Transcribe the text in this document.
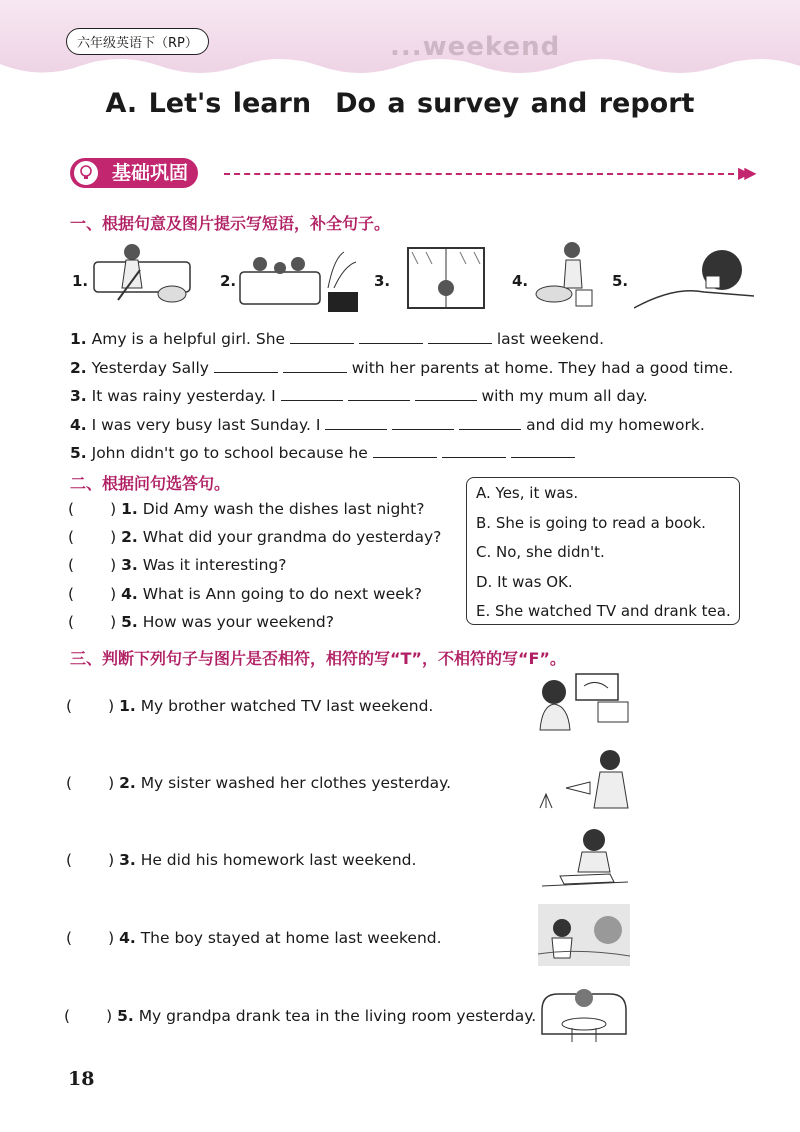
...weekend
六年级英语下（RP）
A. Let's learn Do a survey and report
基础巩固	▶▶
一、根据句意及图片提示写短语，补全句子。
1.	2.	3.	4.	5.
1. Amy is a helpful girl. She	last weekend.
2. Yesterday Sally	with her parents at home. They had a good time.
3. It was rainy yesterday. I	with my mum all day.
4. I was very busy last Sunday. I	and did my homework.
5. John didn't go to school because he
二、根据问句选答句。
( ) 1. Did Amy wash the dishes last night?
( ) 2. What did your grandma do yesterday?
( ) 3. Was it interesting?
( ) 4. What is Ann going to do next week?
( ) 5. How was your weekend?
A. Yes, it was.
B. She is going to read a book.
C. No, she didn't.
D. It was OK.
E. She watched TV and drank tea.
三、判断下列句子与图片是否相符，相符的写“T”，不相符的写“F”。
( ) 1. My brother watched TV last weekend.
( ) 2. My sister washed her clothes yesterday.
( ) 3. He did his homework last weekend.
( ) 4. The boy stayed at home last weekend.
( ) 5. My grandpa drank tea in the living room yesterday.
18
